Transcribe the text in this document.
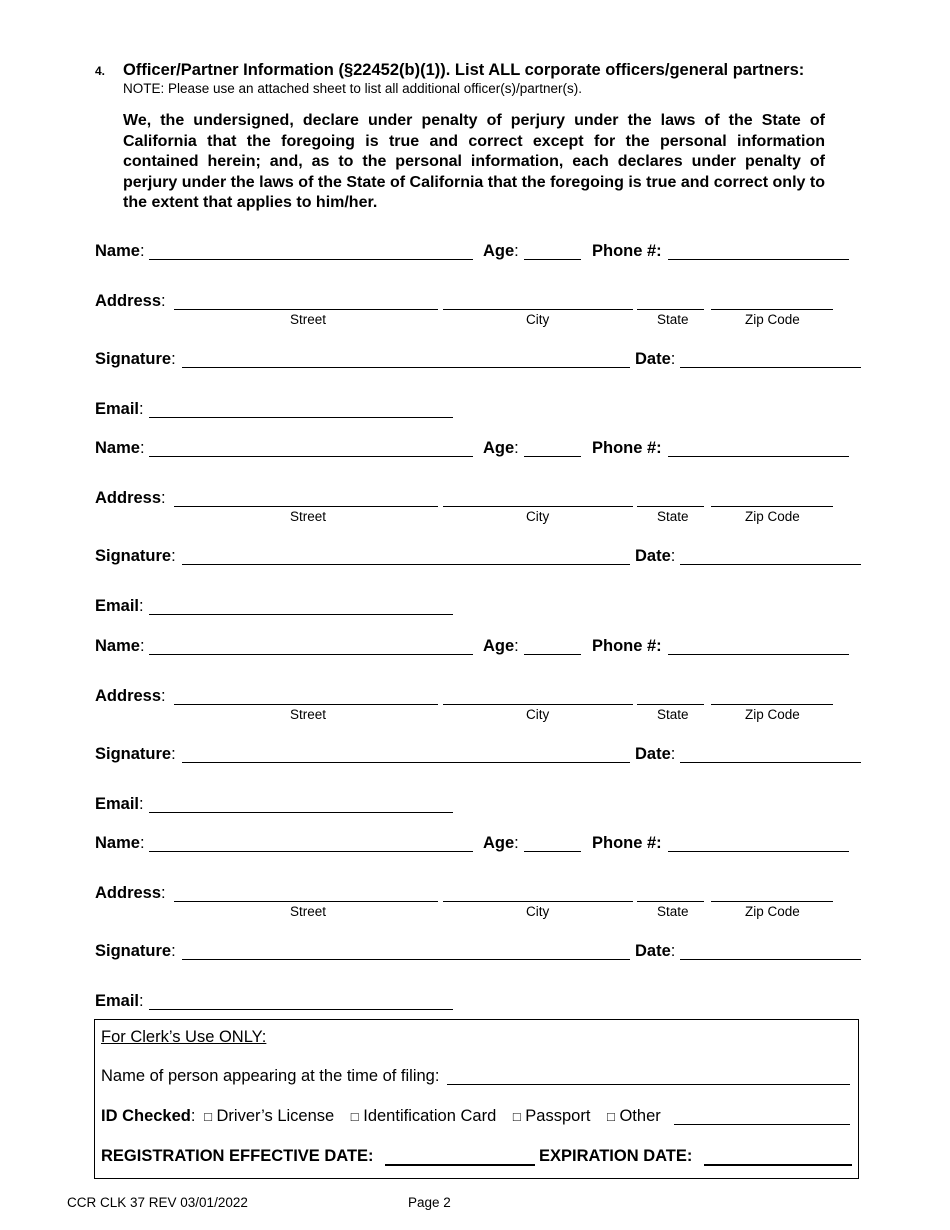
4. Officer/Partner Information (§22452(b)(1)). List ALL corporate officers/general partners:
NOTE: Please use an attached sheet to list all additional officer(s)/partner(s).

We, the undersigned, declare under penalty of perjury under the laws of the State of California that the foregoing is true and correct except for the personal information contained herein; and, as to the personal information, each declares under penalty of perjury under the laws of the State of California that the foregoing is true and correct only to the extent that applies to him/her.

Name:	Age:	Phone #:
Address:
Street	City	State	Zip Code
Signature:	Date:
Email:
Name:	Age:	Phone #:
Address:
Street	City	State	Zip Code
Signature:	Date:
Email:
Name:	Age:	Phone #:
Address:
Street	City	State	Zip Code
Signature:	Date:
Email:
Name:	Age:	Phone #:
Address:
Street	City	State	Zip Code
Signature:	Date:
Email:
For Clerk’s Use ONLY:
Name of person appearing at the time of filing:
ID Checked: □ Driver’s License □ Identification Card □ Passport □ Other
REGISTRATION EFFECTIVE DATE:	EXPIRATION DATE:
CCR CLK 37 REV 03/01/2022	Page 2
